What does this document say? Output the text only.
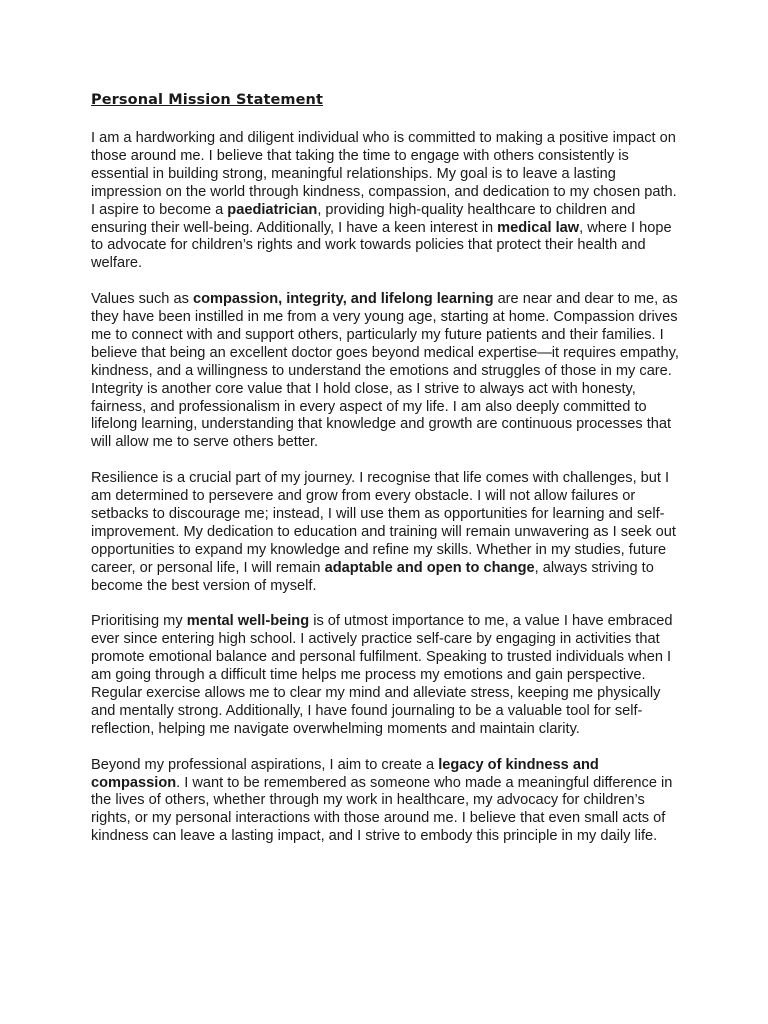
Personal Mission Statement

I am a hardworking and diligent individual who is committed to making a positive impact on those around me. I believe that taking the time to engage with others consistently is essential in building strong, meaningful relationships. My goal is to leave a lasting impression on the world through kindness, compassion, and dedication to my chosen path. I aspire to become a paediatrician, providing high-quality healthcare to children and ensuring their well-being. Additionally, I have a keen interest in medical law, where I hope to advocate for children’s rights and work towards policies that protect their health and welfare.

Values such as compassion, integrity, and lifelong learning are near and dear to me, as they have been instilled in me from a very young age, starting at home. Compassion drives me to connect with and support others, particularly my future patients and their families. I believe that being an excellent doctor goes beyond medical expertise—it requires empathy, kindness, and a willingness to understand the emotions and struggles of those in my care. Integrity is another core value that I hold close, as I strive to always act with honesty, fairness, and professionalism in every aspect of my life. I am also deeply committed to lifelong learning, understanding that knowledge and growth are continuous processes that will allow me to serve others better.

Resilience is a crucial part of my journey. I recognise that life comes with challenges, but I am determined to persevere and grow from every obstacle. I will not allow failures or setbacks to discourage me; instead, I will use them as opportunities for learning and self-improvement. My dedication to education and training will remain unwavering as I seek out opportunities to expand my knowledge and refine my skills. Whether in my studies, future career, or personal life, I will remain adaptable and open to change, always striving to become the best version of myself.

Prioritising my mental well-being is of utmost importance to me, a value I have embraced ever since entering high school. I actively practice self-care by engaging in activities that promote emotional balance and personal fulfilment. Speaking to trusted individuals when I am going through a difficult time helps me process my emotions and gain perspective. Regular exercise allows me to clear my mind and alleviate stress, keeping me physically and mentally strong. Additionally, I have found journaling to be a valuable tool for self-reflection, helping me navigate overwhelming moments and maintain clarity.

Beyond my professional aspirations, I aim to create a legacy of kindness and compassion. I want to be remembered as someone who made a meaningful difference in the lives of others, whether through my work in healthcare, my advocacy for children’s rights, or my personal interactions with those around me. I believe that even small acts of kindness can leave a lasting impact, and I strive to embody this principle in my daily life.
